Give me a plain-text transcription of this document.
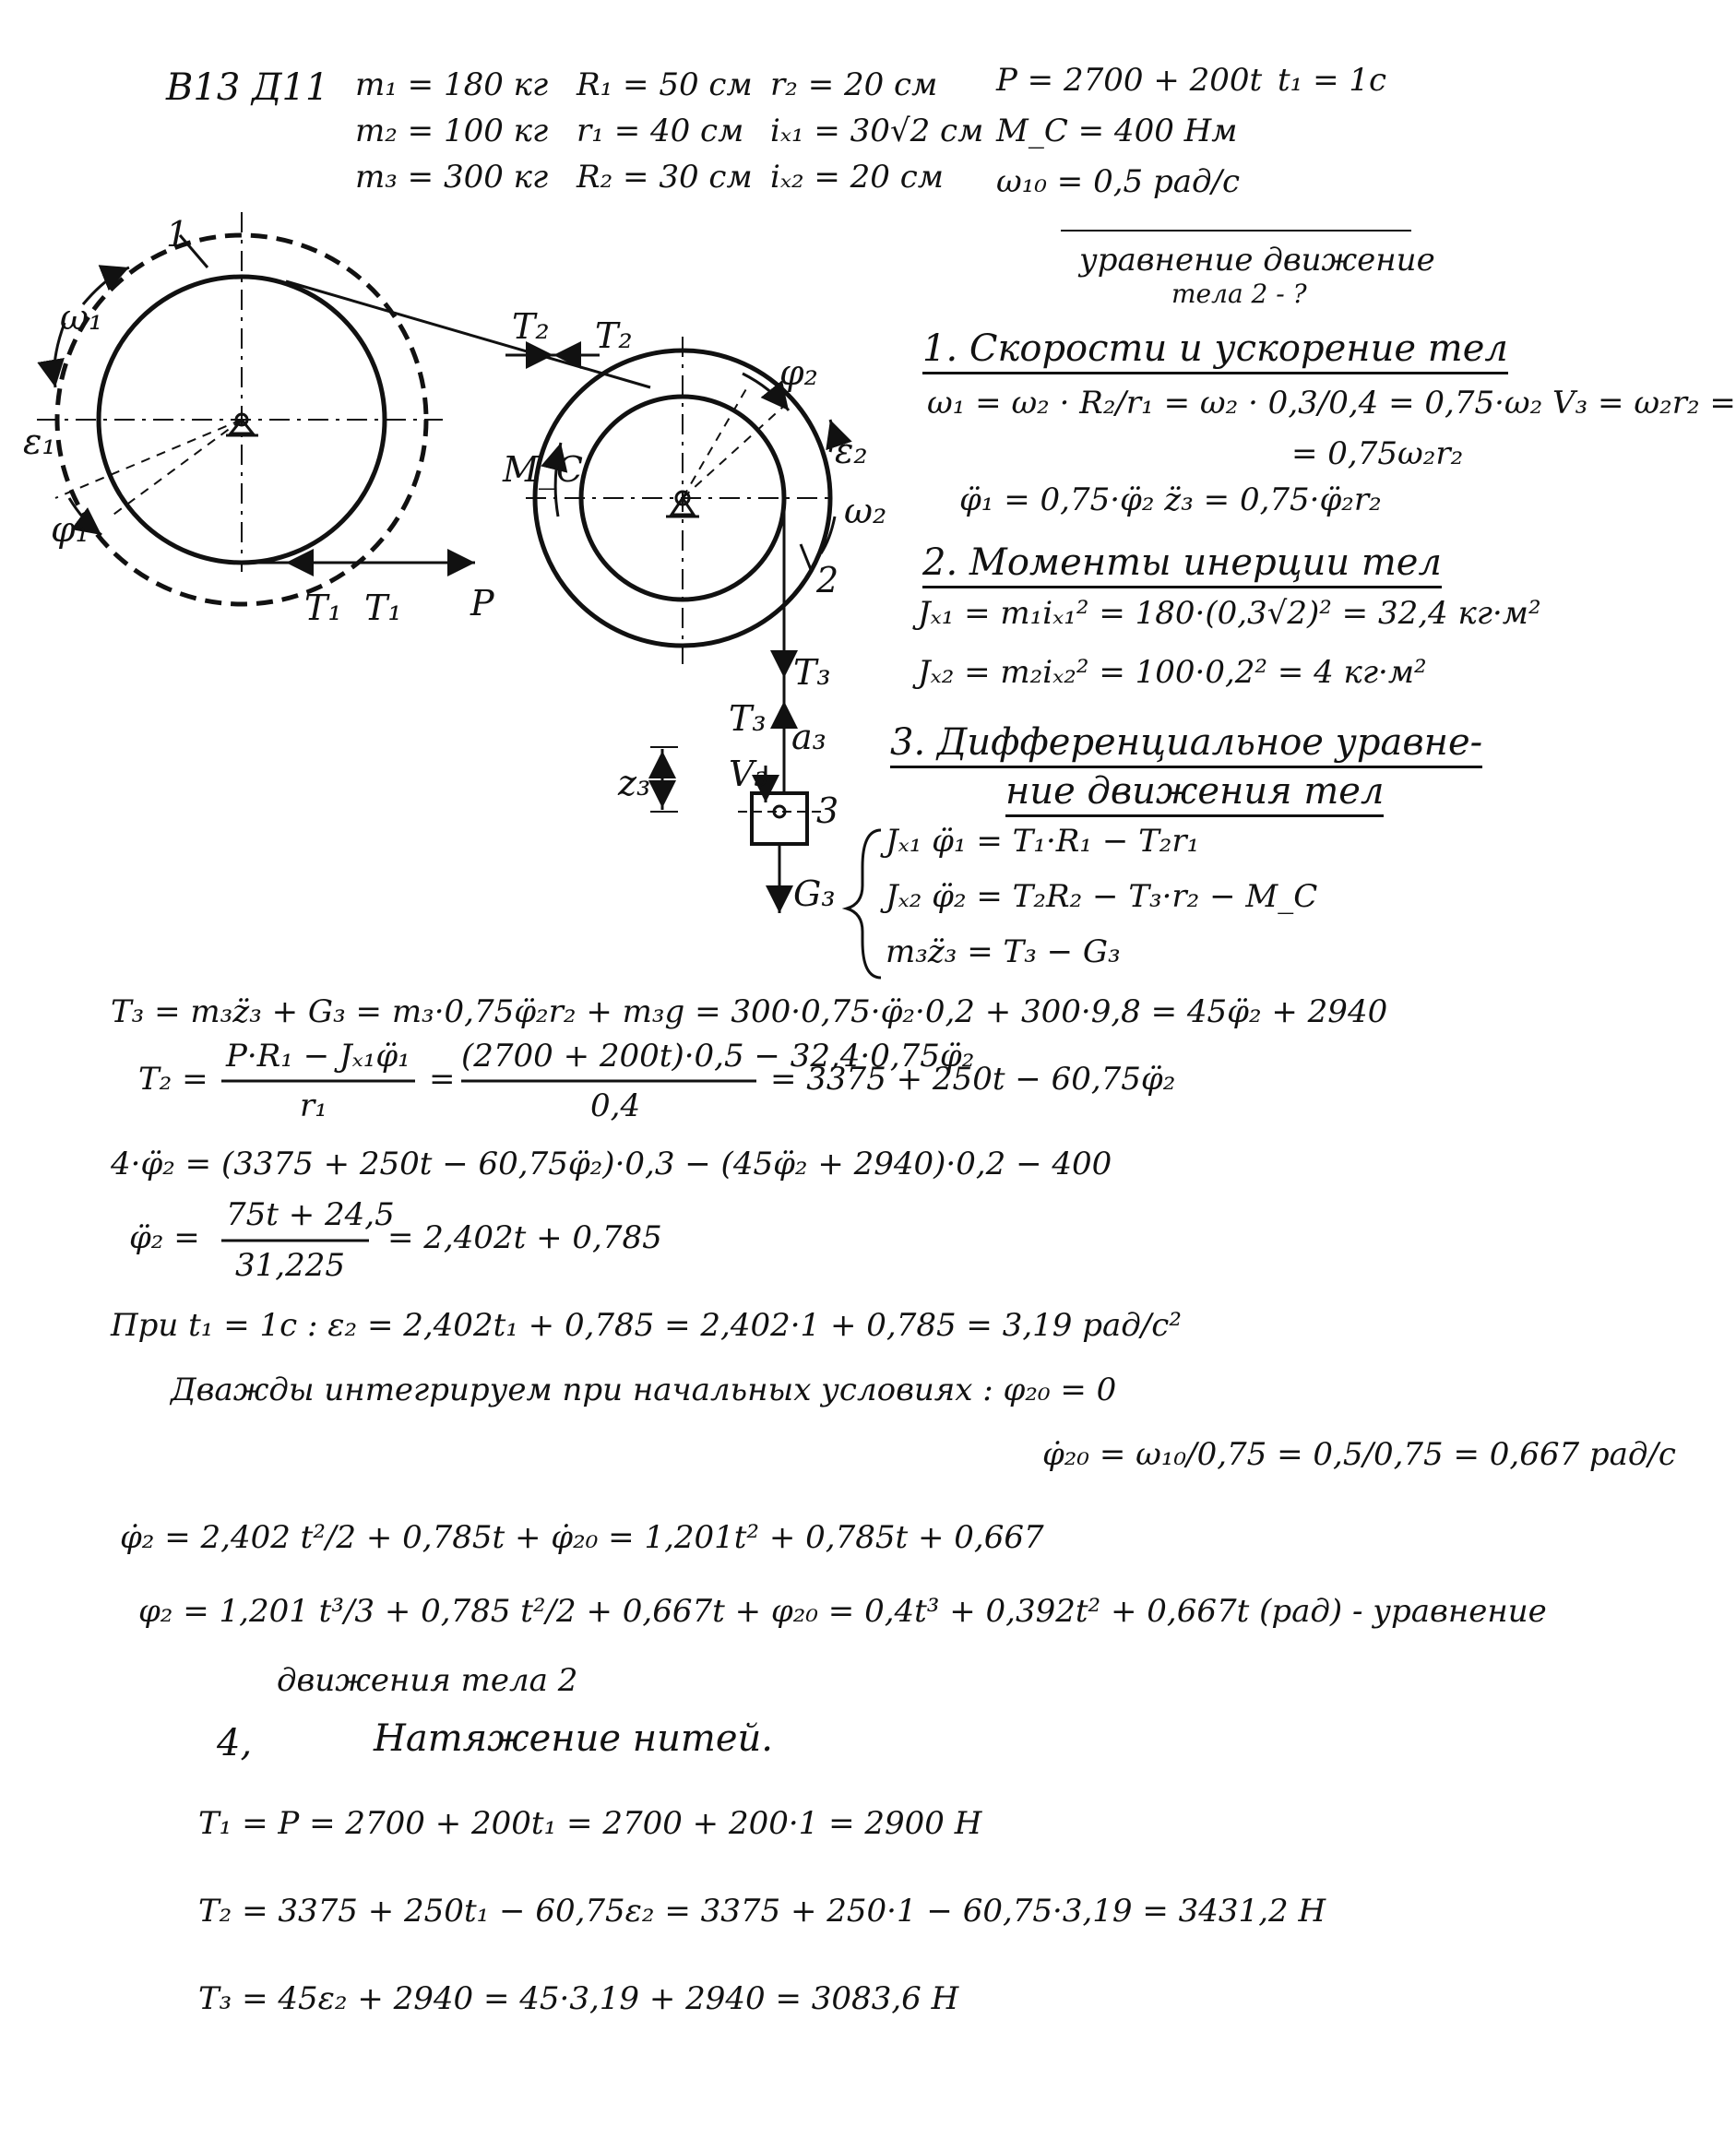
B13 Д11 m₁ = 180 кг
m₂ = 100 кг
m₃ = 300 кг
R₁ = 50 см
r₁ = 40 см
R₂ = 30 см
r₂ = 20 см
iₓ₁ = 30√2 см
iₓ₂ = 20 см
P = 2700 + 200t
M_C = 400 Нм
ω₁₀ = 0,5 рад/с
t₁ = 1с
уравнение движение
тела 2 - ?
1
ω₁
ε₁
φ₁
T₁ T₁ P
T₂ T₂
φ₂
ε₂
ω₂
M_C
2
T₃
T₃ a₃
V₃
z₃
3
G₃
1. Скорости и ускорение тел
ω₁ = ω₂ · R₂/r₁ = ω₂ · 0,3/0,4 = 0,75·ω₂ V₃ = ω₂r₂ =
= 0,75ω₂r₂
φ̈₁ = 0,75·φ̈₂ z̈₃ = 0,75·φ̈₂r₂
2. Моменты инерции тел
Jₓ₁ = m₁iₓ₁² = 180·(0,3√2)² = 32,4 кг·м²
Jₓ₂ = m₂iₓ₂² = 100·0,2² = 4 кг·м²
3. Дифференциальное уравне-
ние движения тел
Jₓ₁ φ̈₁ = T₁·R₁ − T₂r₁
Jₓ₂ φ̈₂ = T₂R₂ − T₃·r₂ − M_C
m₃z̈₃ = T₃ − G₃
T₃ = m₃z̈₃ + G₃ = m₃·0,75φ̈₂r₂ + m₃g = 300·0,75·φ̈₂·0,2 + 300·9,8 = 45φ̈₂ + 2940
T₂ =
P·R₁ − Jₓ₁φ̈₁
r₁
=
(2700 + 200t)·0,5 − 32,4·0,75φ̈₂
0,4
= 3375 + 250t − 60,75φ̈₂
4·φ̈₂ = (3375 + 250t − 60,75φ̈₂)·0,3 − (45φ̈₂ + 2940)·0,2 − 400
φ̈₂ =
75t + 24,5
31,225
= 2,402t + 0,785
При t₁ = 1с : ε₂ = 2,402t₁ + 0,785 = 2,402·1 + 0,785 = 3,19 рад/с²
Дважды интегрируем при начальных условиях : φ₂₀ = 0
φ̇₂₀ = ω₁₀/0,75 = 0,5/0,75 = 0,667 рад/с
φ̇₂ = 2,402 t²/2 + 0,785t + φ̇₂₀ = 1,201t² + 0,785t + 0,667
φ₂ = 1,201 t³/3 + 0,785 t²/2 + 0,667t + φ₂₀ = 0,4t³ + 0,392t² + 0,667t (рад) - уравнение
движения тела 2
4,	Натяжение нитей.
T₁ = P = 2700 + 200t₁ = 2700 + 200·1 = 2900 Н
T₂ = 3375 + 250t₁ − 60,75ε₂ = 3375 + 250·1 − 60,75·3,19 = 3431,2 Н
T₃ = 45ε₂ + 2940 = 45·3,19 + 2940 = 3083,6 Н
